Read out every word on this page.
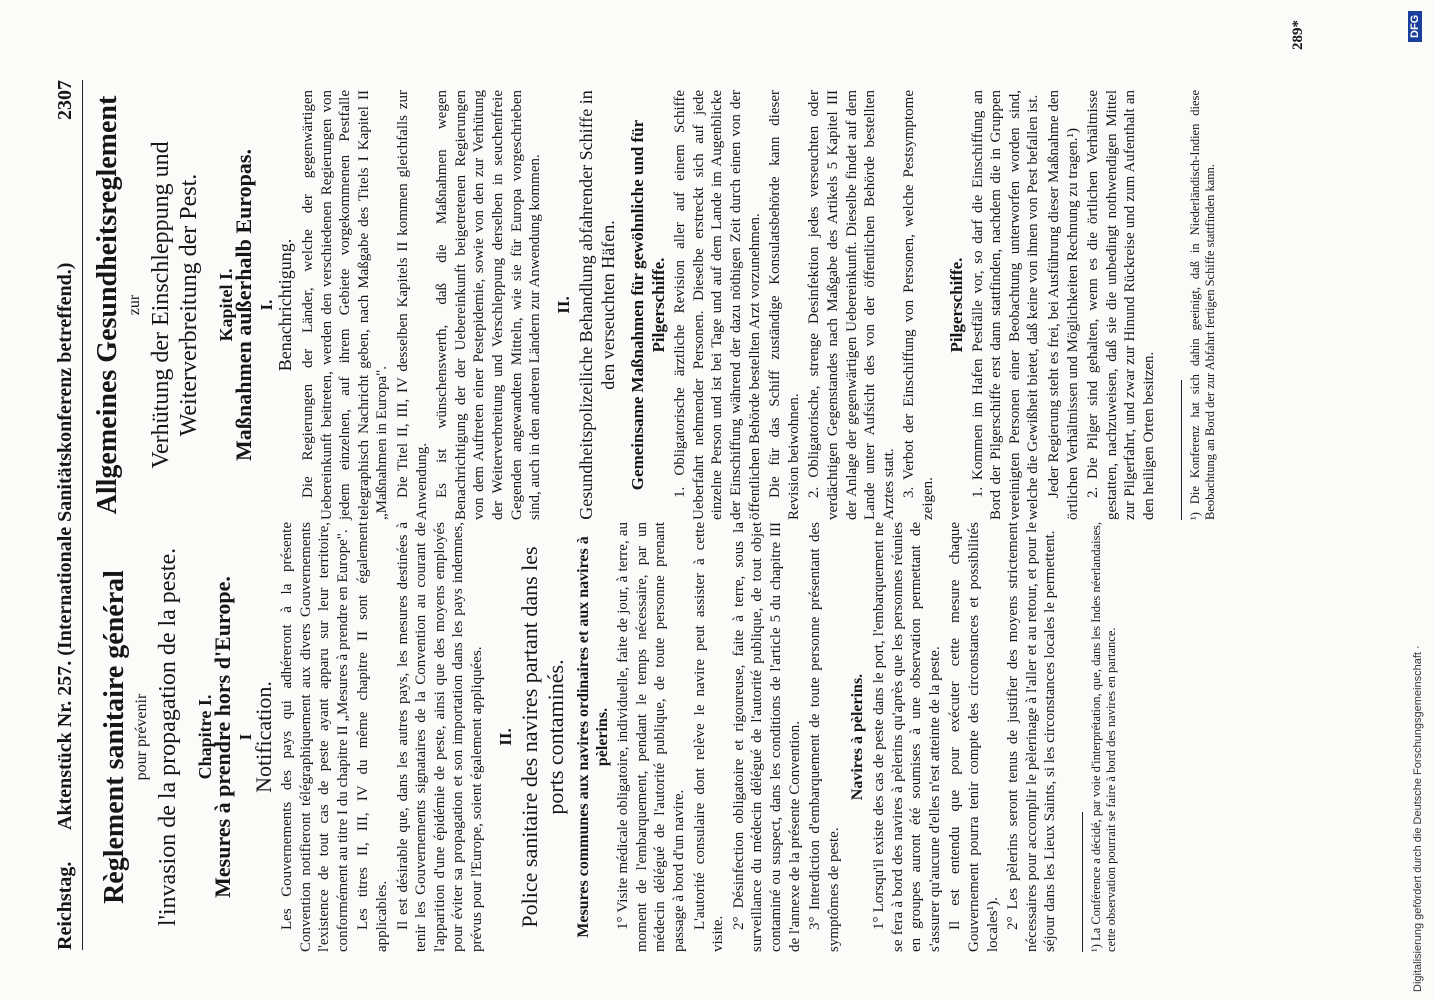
Reichstag.
Aktenstück Nr. 257. (Internationale Sanitätskonferenz betreffend.)
2307
Règlement sanitaire général pour prévenir l'invasion de la propagation de la peste. Chapitre I.
Mesures à prendre hors d'Europe. I
Notification. Les Gouvernements des pays qui adhéreront à la présente Convention notifieront télégraphiquement aux divers Gouvernements l'existence de tout cas de peste ayant apparu sur leur territoire, conformément au titre I du chapitre II „Mesures à prendre en Europe". Les titres II, III, IV du même chapitre II sont également applicables. Il est désirable que, dans les autres pays, les mesures destinées à tenir les Gouvernements signataires de la Convention au courant de l'apparition d'une épidémie de peste, ainsi que des moyens employés pour éviter sa propagation et son importation dans les pays indemnes, prévus pour l'Europe, soient également appliquées. II. Police sanitaire des navires partant dans les ports contaminés. Mesures communes aux navires ordinaires et aux navires à pèlerins. 1° Visite médicale obligatoire, individuelle, faite de jour, à terre, au moment de l'embarquement, pendant le temps nécessaire, par un médecin délégué de l'autorité publique, de toute personne prenant passage à bord d'un navire. L'autorité consulaire dont relève le navire peut assister à cette visite.

2° Désinfection obligatoire et rigoureuse, faite à terre, sous la surveillance du médecin délégué de l'autorité publique, de tout objet contaminé ou suspect, dans les conditions de l'article 5 du chapitre III de l'annexe de la présente Convention. 3° Interdiction d'embarquement de toute personne présentant des symptômes de peste.

Navires à pèlerins. 1° Lorsqu'il existe des cas de peste dans le port, l'embarquement ne se fera à bord des navires à pèlerins qu'après que les personnes réunies en groupes auront été soumises à une observation permettant de s'assurer qu'aucune d'elles n'est atteinte de la peste. Il est entendu que pour exécuter cette mesure chaque Gouvernement pourra tenir compte des circonstances et possibilités locales¹). 2° Les pèlerins seront tenus de justifier des moyens strictement nécessaires pour accomplir le pèlerinage à l'aller et au retour, et pour le séjour dans les Lieux Saints, si les circonstances locales le permettent. ¹) La Conférence a décidé, par voie d'interprétation, que, dans les Indes néerlandaises, cette observation pourrait se faire à bord des navires en partance.
Allgemeines Gesundheitsreglement zur Verhütung der Einschleppung und Weiterverbreitung der Pest. Kapitel I.
Maßnahmen außerhalb Europas. I. Benachrichtigung. Die Regierungen der Länder, welche der gegenwärtigen Uebereinkunft beitreten, werden den verschiedenen Regierungen von jedem einzelnen, auf ihrem Gebiete vorgekommenen Pestfalle telegraphisch Nachricht geben, nach Maßgabe des Titels I Kapitel II „Maßnahmen in Europa". Die Titel II, III, IV desselben Kapitels II kommen gleichfalls zur Anwendung. Es ist wünschenswerth, daß die Maßnahmen wegen Benachrichtigung der der Uebereinkunft beigetretenen Regierungen von dem Auftreten einer Pestepidemie, sowie von den zur Verhütung der Weiterverbreitung und Verschleppung derselben in seuchenfreie Gegenden angewandten Mitteln, wie sie für Europa vorgeschrieben sind, auch in den anderen Ländern zur Anwendung kommen. II. Gesundheitspolizeiliche Behandlung abfahrender Schiffe in den verseuchten Häfen. Gemeinsame Maßnahmen für gewöhnliche und für Pilgerschiffe. 1. Obligatorische ärztliche Revision aller auf einem Schiffe Ueberfahrt nehmender Personen. Dieselbe erstreckt sich auf jede einzelne Person und ist bei Tage und auf dem Lande im Augenblicke der Einschiffung während der dazu nöthigen Zeit durch einen von der öffentlichen Behörde bestellten Arzt vorzunehmen. Die für das Schiff zuständige Konsulatsbehörde kann dieser Revision beiwohnen. 2. Obligatorische, strenge Desinfektion jedes verseuchten oder verdächtigen Gegenstandes nach Maßgabe des Artikels 5 Kapitel III der Anlage der gegenwärtigen Uebereinkunft. Dieselbe findet auf dem Lande unter Aufsicht des von der öffentlichen Behörde bestellten Arztes statt. 3. Verbot der Einschiffung von Personen, welche Pestsymptome zeigen.

Pilgerschiffe. 1. Kommen im Hafen Pestfälle vor, so darf die Einschiffung an Bord der Pilgerschiffe erst dann stattfinden, nachdem die in Gruppen vereinigten Personen einer Beobachtung unterworfen worden sind, welche die Gewißheit bietet, daß keine von ihnen von Pest befallen ist. Jeder Regierung steht es frei, bei Ausführung dieser Maßnahme den örtlichen Verhältnissen und Möglichkeiten Rechnung zu tragen.¹) 2. Die Pilger sind gehalten, wenn es die örtlichen Verhältnisse gestatten, nachzuweisen, daß sie die unbedingt nothwendigen Mittel zur Pilgerfahrt, und zwar zur Hinund Rückreise und zum Aufenthalt an den heiligen Orten besitzen. ¹) Die Konferenz hat sich dahin geeinigt, daß in Niederländisch-Indien diese Beobachtung an Bord der zur Abfahrt fertigen Schiffe stattfinden kann.
289*
Digitalisierung gefördert durch die Deutsche Forschungsgemeinschaft ·
DFG
